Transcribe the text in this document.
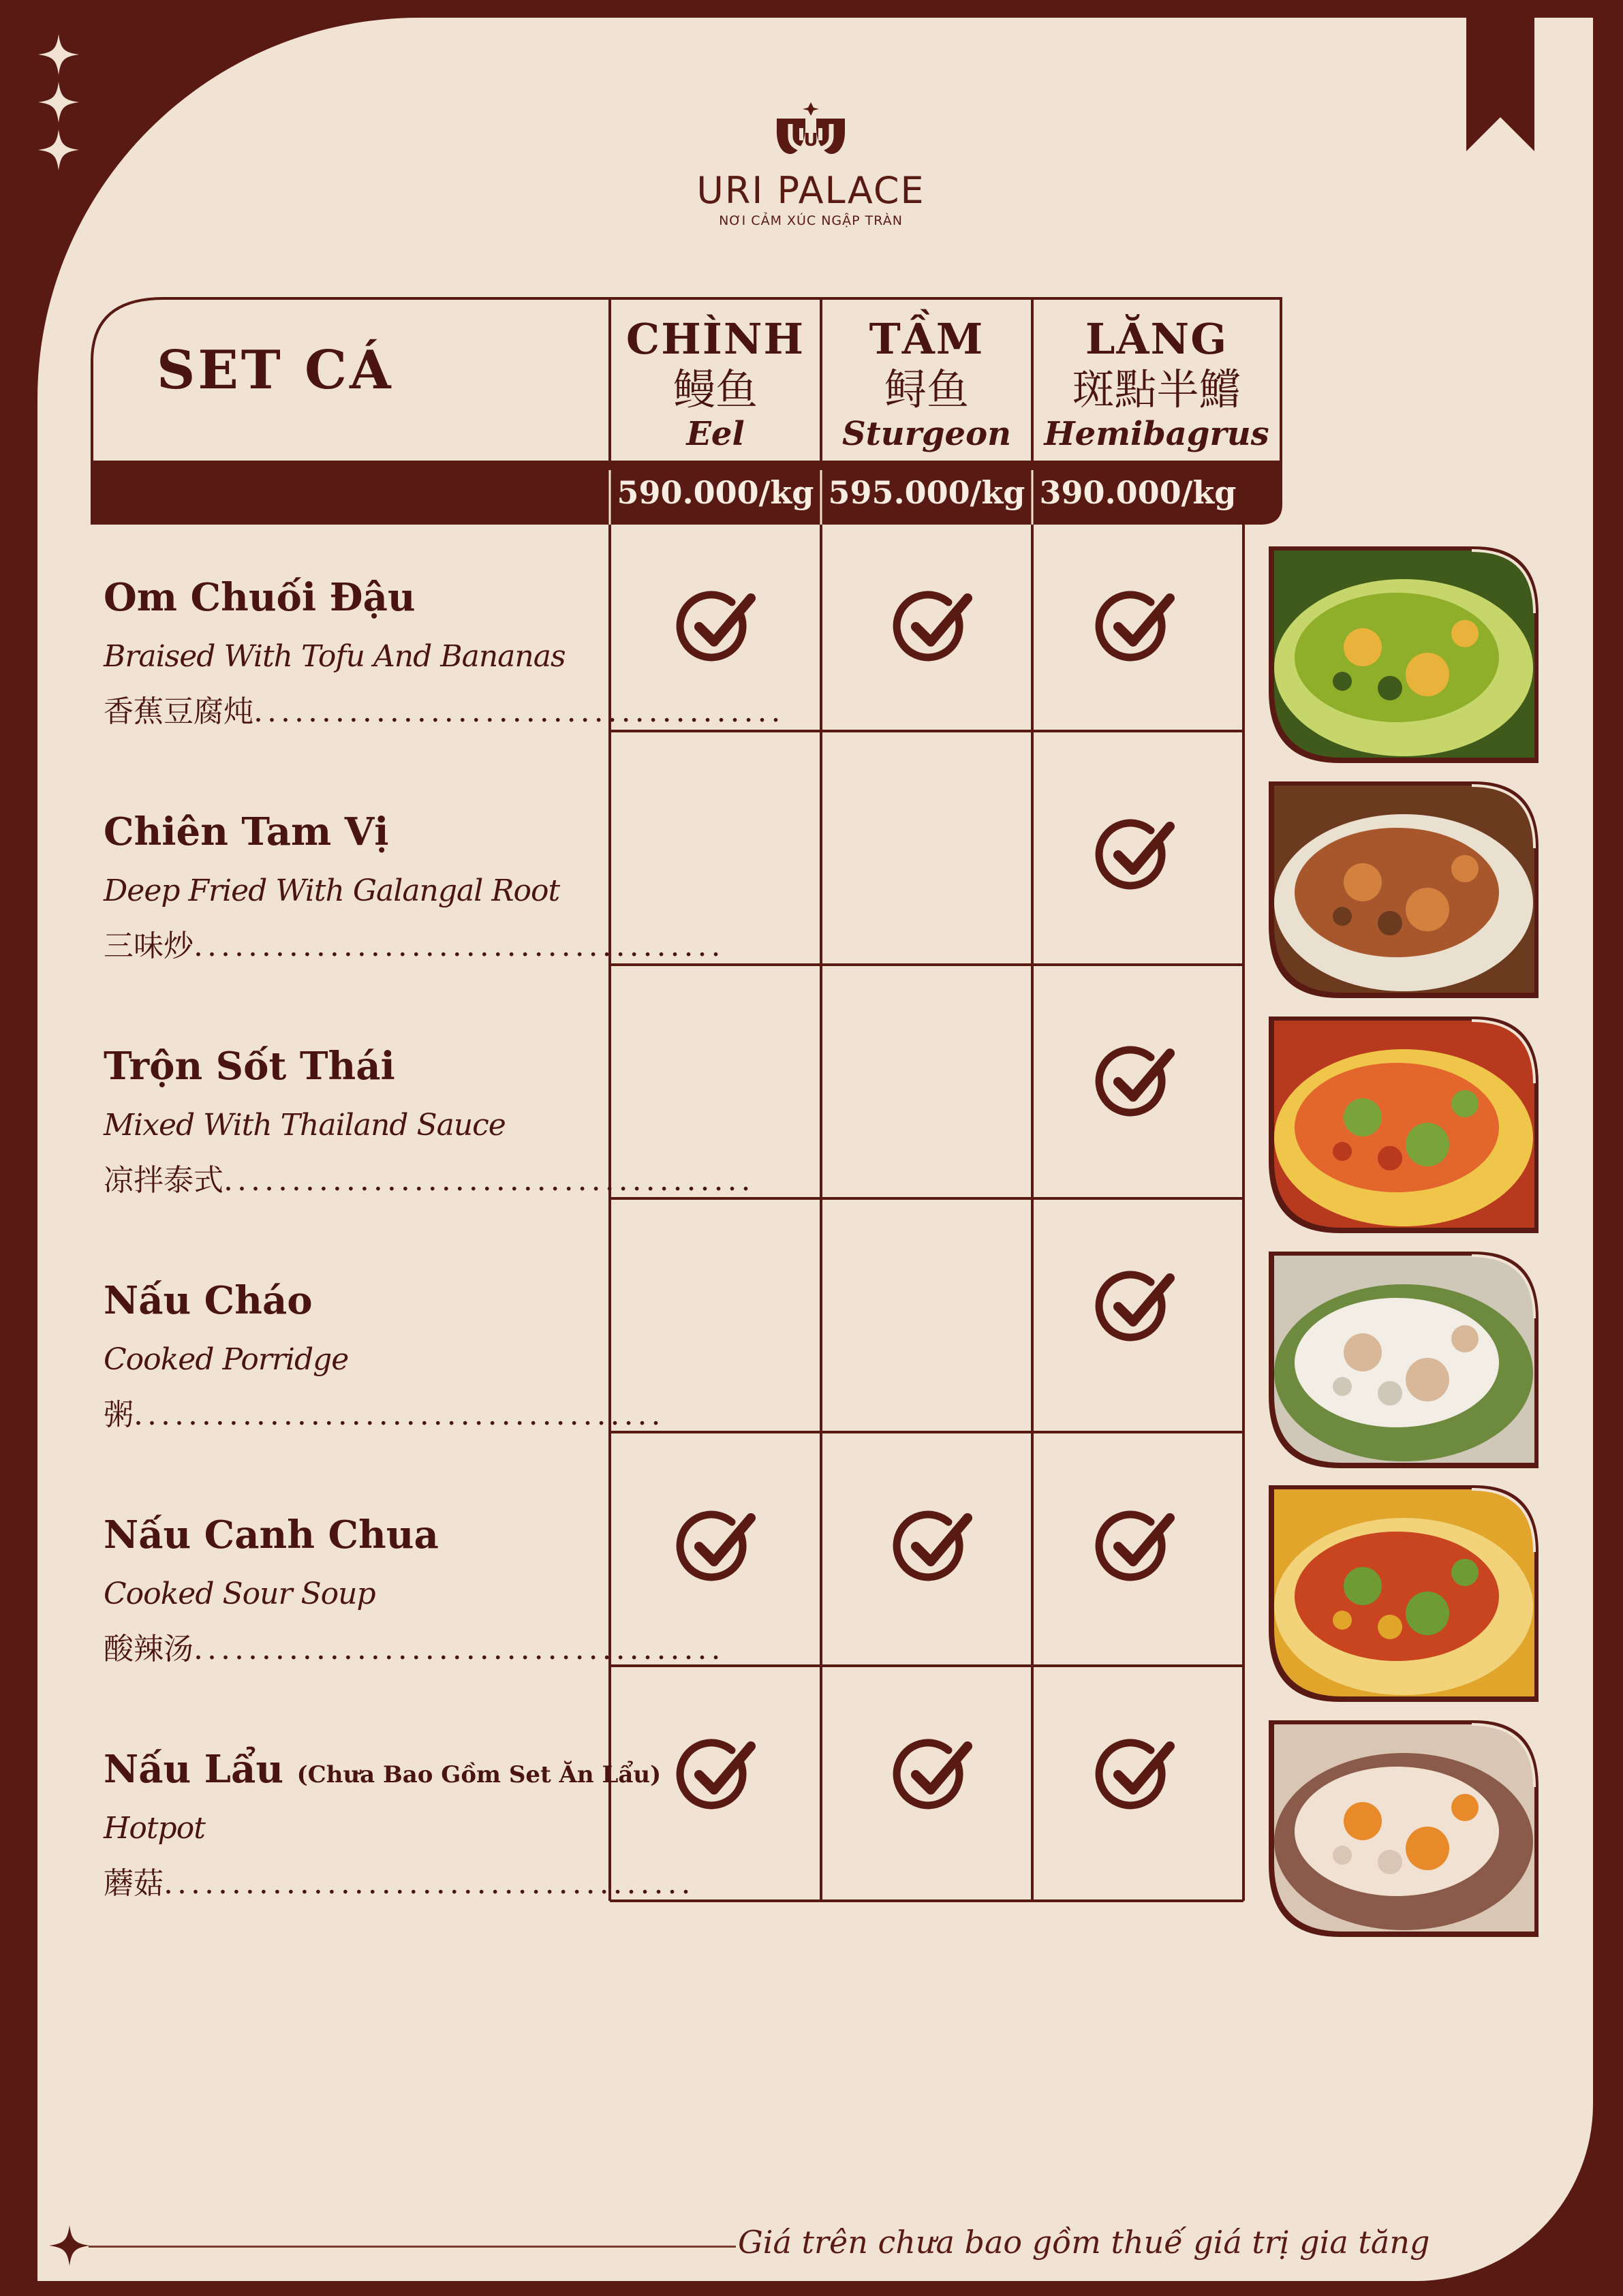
U
URI PALACE
NƠI CẢM XÚC NGẬP TRÀN
SET CÁ
CHÌNH
鳗鱼
Eel
TẦM
鲟鱼
Sturgeon
LĂNG
斑點半鱨
Hemibagrus
590.000/kg 595.000/kg 390.000/kg
Om Chuối Đậu
Braised With Tofu And Bananas
香蕉豆腐炖.......................................
Chiên Tam Vị
Deep Fried With Galangal Root
三味炒.......................................
Trộn Sốt Thái
Mixed With Thailand Sauce
凉拌泰式.......................................
Nấu Cháo
Cooked Porridge
粥.......................................
Nấu Canh Chua
Cooked Sour Soup
酸辣汤.......................................
Nấu Lẩu (Chưa Bao Gồm Set Ăn Lẩu)
Hotpot
蘑菇.......................................
Giá trên chưa bao gồm thuế giá trị gia tăng	29
